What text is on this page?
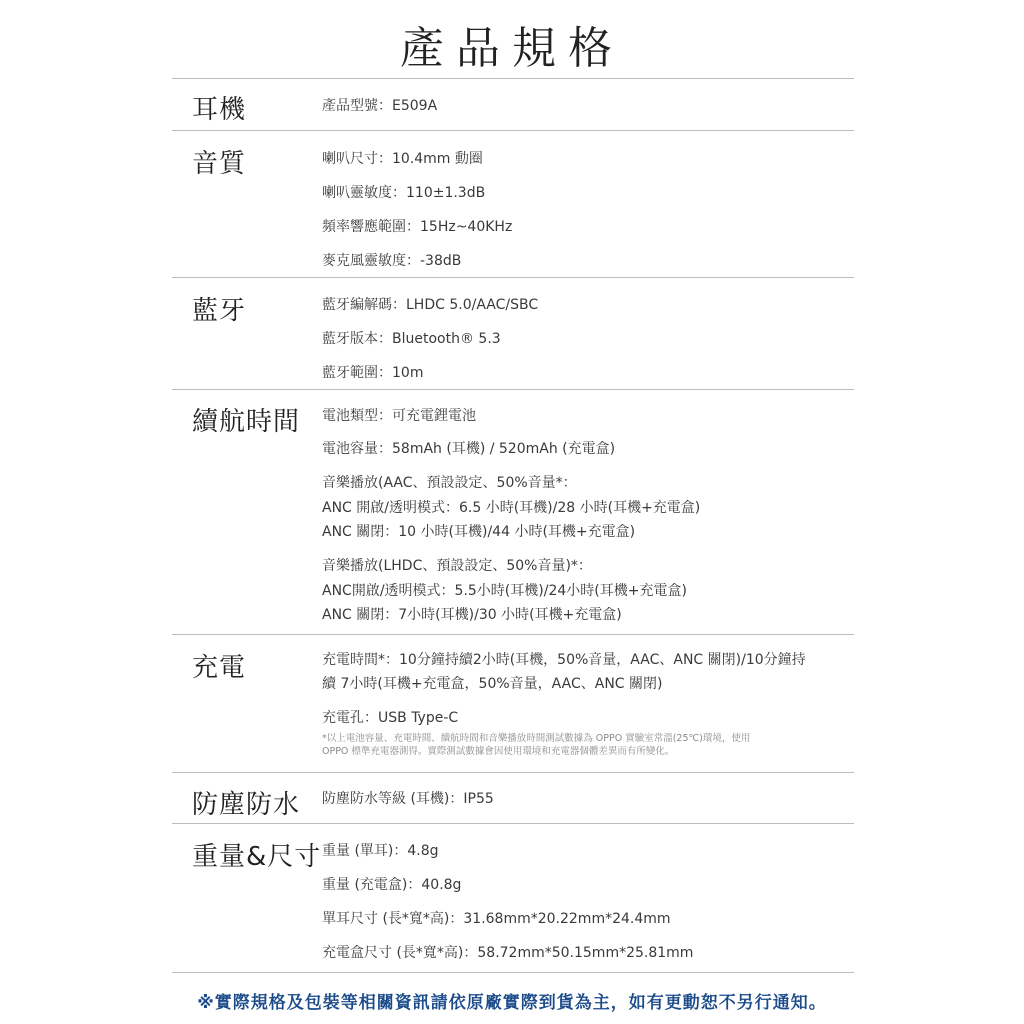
產品規格
耳機	產品型號：E509A
音質	喇叭尺寸：10.4mm 動圈
喇叭靈敏度：110±1.3dB
頻率響應範圍：15Hz~40KHz
麥克風靈敏度：-38dB
藍牙	藍牙編解碼：LHDC 5.0/AAC/SBC
藍牙版本：Bluetooth® 5.3
藍牙範圍：10m
續航時間 電池類型：可充電鋰電池
電池容量：58mAh (耳機) / 520mAh (充電盒)
音樂播放(AAC、預設設定、50%音量*：
ANC 開啟/透明模式：6.5 小時(耳機)/28 小時(耳機+充電盒)
ANC 關閉：10 小時(耳機)/44 小時(耳機+充電盒)
音樂播放(LHDC、預設設定、50%音量)*：
ANC開啟/透明模式：5.5小時(耳機)/24小時(耳機+充電盒)
ANC 關閉：7小時(耳機)/30 小時(耳機+充電盒)
充電	充電時間*：10分鐘持續2小時(耳機，50%音量，AAC、ANC 關閉)/10分鐘持
續 7小時(耳機+充電盒，50%音量，AAC、ANC 關閉)
充電孔：USB Type-C
*以上電池容量、充電時間、續航時間和音樂播放時間測試數據為 OPPO 實驗室常溫(25℃)環境，使用
OPPO 標準充電器測得。實際測試數據會因使用環境和充電器個體差異而有所變化。
防塵防水 防塵防水等級 (耳機)：IP55
重量&尺寸 重量 (單耳)：4.8g
重量 (充電盒)：40.8g
單耳尺寸 (長*寬*高)：31.68mm*20.22mm*24.4mm
充電盒尺寸 (長*寬*高)：58.72mm*50.15mm*25.81mm
※實際規格及包裝等相關資訊請依原廠實際到貨為主，如有更動恕不另行通知。
